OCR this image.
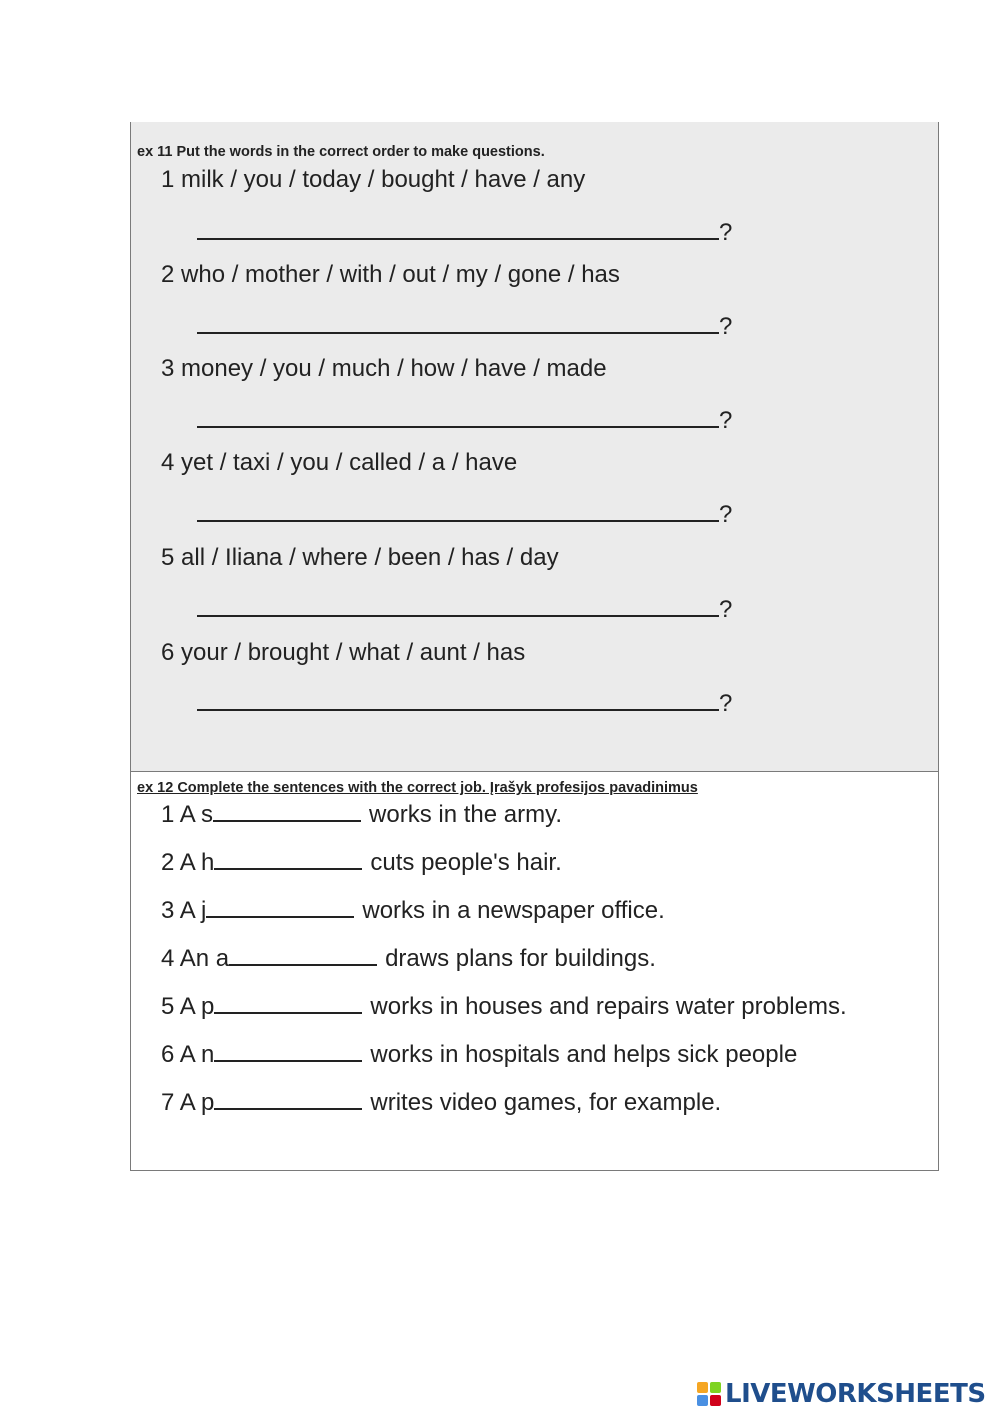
ex 11 Put the words in the correct order to make questions.
1 milk / you / today / bought / have / any
?
2 who / mother / with / out / my / gone / has
?
3 money / you / much / how / have / made
?
4 yet / taxi / you / called / a / have
?
5 all / Iliana / where / been / has / day
?
6 your / brought / what / aunt / has
?
ex 12 Complete the sentences with the correct job. Įrašyk profesijos pavadinimus
1 A s	works in the army.
2 A h	cuts people's hair.
3 A j	works in a newspaper office.
4 An a	draws plans for buildings.
5 A p	works in houses and repairs water problems.
6 A n	works in hospitals and helps sick people
7 A p	writes video games, for example.
LIVEWORKSHEETS
